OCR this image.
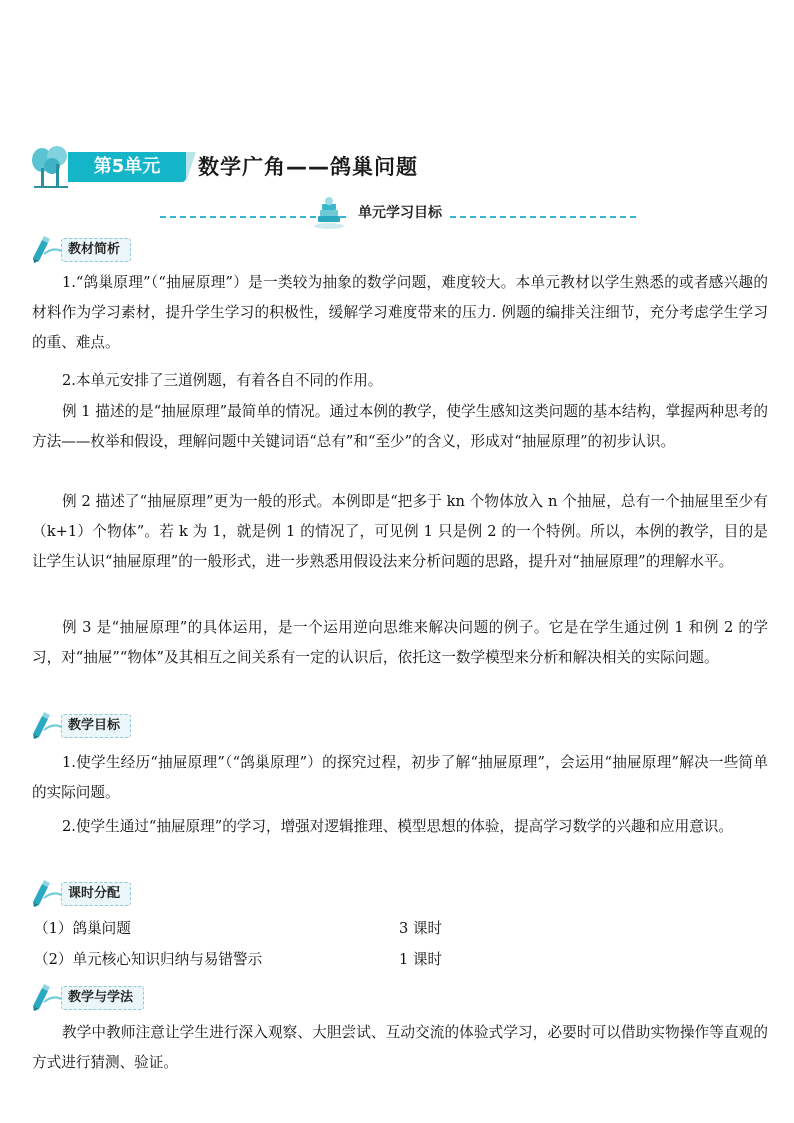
第5单元	数学广角——鸽巢问题
单元学习目标
教材简析

1.“鸽巢原理”（“抽屉原理”）是一类较为抽象的数学问题，难度较大。本单元教材以学生熟悉的或者感兴趣的材料作为学习素材，提升学生学习的积极性，缓解学习难度带来的压力. 例题的编排关注细节，充分考虑学生学习的重、难点。

2.本单元安排了三道例题，有着各自不同的作用。

例 1 描述的是“抽屉原理”最简单的情况。通过本例的教学，使学生感知这类问题的基本结构，掌握两种思考的方法——枚举和假设，理解问题中关键词语“总有”和“至少”的含义，形成对“抽屉原理”的初步认识。

例 2 描述了“抽屉原理”更为一般的形式。本例即是“把多于 kn 个物体放入 n 个抽屉，总有一个抽屉里至少有（k+1）个物体”。若 k 为 1，就是例 1 的情况了，可见例 1 只是例 2 的一个特例。所以，本例的教学，目的是让学生认识“抽屉原理”的一般形式，进一步熟悉用假设法来分析问题的思路，提升对“抽屉原理”的理解水平。

例 3 是“抽屉原理”的具体运用，是一个运用逆向思维来解决问题的例子。它是在学生通过例 1 和例 2 的学习，对“抽屉”“物体”及其相互之间关系有一定的认识后，依托这一数学模型来分析和解决相关的实际问题。

教学目标

1.使学生经历“抽屉原理”（“鸽巢原理”）的探究过程，初步了解“抽屉原理”，会运用“抽屉原理”解决一些简单的实际问题。

2.使学生通过“抽屉原理”的学习，增强对逻辑推理、模型思想的体验，提高学习数学的兴趣和应用意识。

课时分配
（1）鸽巢问题	3 课时
（2）单元核心知识归纳与易错警示	1 课时
教学与学法

教学中教师注意让学生进行深入观察、大胆尝试、互动交流的体验式学习，必要时可以借助实物操作等直观的方式进行猜测、验证。
